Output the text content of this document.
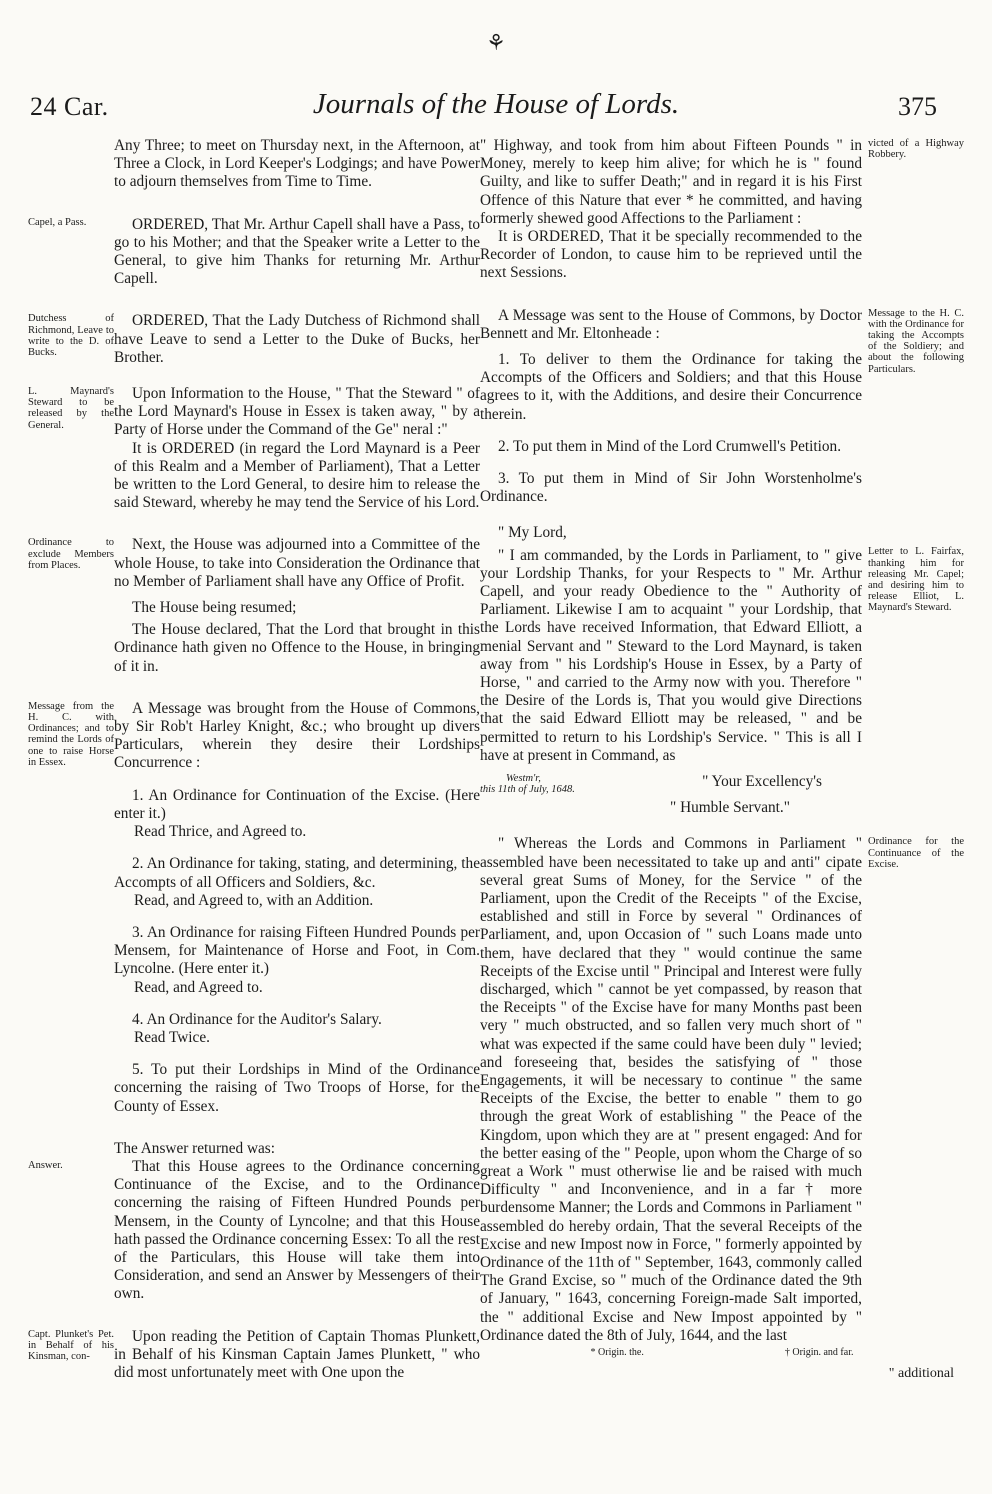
⚘
24 Car.	Journals of the House of Lords.	375

Any Three; to meet on Thursday next, in the Afternoon, at Three a Clock, in Lord Keeper's Lodgings; and have Power to adjourn themselves from Time to Time.

Capel, a Pass.	ORDERED, That Mr. Arthur Capell shall have a Pass, to go to his Mother; and that the Speaker write a Letter to the General, to give him Thanks for returning Mr. Arthur Capell.

Dutchess of Richmond, Leave to write to the D. of Bucks.

ORDERED, That the Lady Dutchess of Richmond shall have Leave to send a Letter to the Duke of Bucks, her Brother.

L. Maynard's Steward to be released by the General.

Upon Information to the House, " That the Steward " of the Lord Maynard's House in Essex is taken away, " by a Party of Horse under the Command of the Ge" neral :"

It is ORDERED (in regard the Lord Maynard is a Peer of this Realm and a Member of Parliament), That a Letter be written to the Lord General, to desire him to release the said Steward, whereby he may tend the Service of his Lord.

Ordinance to exclude Members from Places.

Next, the House was adjourned into a Committee of the whole House, to take into Consideration the Ordinance that no Member of Parliament shall have any Office of Profit.

The House being resumed;

The House declared, That the Lord that brought in this Ordinance hath given no Offence to the House, in bringing of it in.

Message from the H. C. with Ordinances; and to remind the Lords of one to raise Horse in Essex.

A Message was brought from the House of Commons, by Sir Rob't Harley Knight, &c.; who brought up divers Particulars, wherein they desire their Lordships Concurrence :

1. An Ordinance for Continuation of the Excise. (Here enter it.)

Read Thrice, and Agreed to.

2. An Ordinance for taking, stating, and determining, the Accompts of all Officers and Soldiers, &c.

Read, and Agreed to, with an Addition.

3. An Ordinance for raising Fifteen Hundred Pounds per Mensem, for Maintenance of Horse and Foot, in Com. Lyncolne. (Here enter it.)

Read, and Agreed to.

4. An Ordinance for the Auditor's Salary.

Read Twice.

5. To put their Lordships in Mind of the Ordinance concerning the raising of Two Troops of Horse, for the County of Essex.

Answer.

The Answer returned was:

That this House agrees to the Ordinance concerning Continuance of the Excise, and to the Ordinance concerning the raising of Fifteen Hundred Pounds per Mensem, in the County of Lyncolne; and that this House hath passed the Ordinance concerning Essex: To all the rest of the Particulars, this House will take them into Consideration, and send an Answer by Messengers of their own.

Capt. Plunket's Pet. in Behalf of his Kinsman, con-

Upon reading the Petition of Captain Thomas Plunkett, in Behalf of his Kinsman Captain James Plunkett, " who did most unfortunately meet with One upon the

" Highway, and took from him about Fifteen Pounds " in Money, merely to keep him alive; for which he is " found Guilty, and like to suffer Death;" and in regard it is his First Offence of this Nature that ever * he committed, and having formerly shewed good Affections to the Parliament :

It is ORDERED, That it be specially recommended to the Recorder of London, to cause him to be reprieved until the next Sessions.

victed of a Highway Robbery.

A Message was sent to the House of Commons, by Doctor Bennett and Mr. Eltonheade :

1. To deliver to them the Ordinance for taking the Accompts of the Officers and Soldiers; and that this House agrees to it, with the Additions, and desire their Concurrence therein.

2. To put them in Mind of the Lord Crumwell's Petition.

3. To put them in Mind of Sir John Worstenholme's Ordinance.

Message to the H. C. with the Ordinance for taking the Accompts of the Soldiery; and about the following Particulars.

" My Lord,

" I am commanded, by the Lords in Parliament, to " give your Lordship Thanks, for your Respects to " Mr. Arthur Capell, and your ready Obedience to the " Authority of Parliament. Likewise I am to acquaint " your Lordship, that the Lords have received Information, that Edward Elliott, a menial Servant and " Steward to the Lord Maynard, is taken away from " his Lordship's House in Essex, by a Party of Horse, " and carried to the Army now with you. Therefore " the Desire of the Lords is, That you would give Directions that the said Edward Elliott may be released, " and be permitted to return to his Lordship's Service. " This is all I have at present in Command, as

Westm'r,
this 11th of July, 1648.	" Your Excellency's

" Humble Servant."

Letter to L. Fairfax, thanking him for releasing Mr. Capel; and desiring him to release Elliot, L. Maynard's Steward.

" Whereas the Lords and Commons in Parliament " assembled have been necessitated to take up and anti" cipate several great Sums of Money, for the Service " of the Parliament, upon the Credit of the Receipts " of the Excise, established and still in Force by several " Ordinances of Parliament, and, upon Occasion of " such Loans made unto them, have declared that they " would continue the same Receipts of the Excise until " Principal and Interest were fully discharged, which " cannot be yet compassed, by reason that the Receipts " of the Excise have for many Months past been very " much obstructed, and so fallen very much short of " what was expected if the same could have been duly " levied; and foreseeing that, besides the satisfying of " those Engagements, it will be necessary to continue " the same Receipts of the Excise, the better to enable " them to go through the great Work of establishing " the Peace of the Kingdom, upon which they are at " present engaged: And for the better easing of the " People, upon whom the Charge of so great a Work " must otherwise lie and be raised with much Difficulty " and Inconvenience, and in a far † more burdensome Manner; the Lords and Commons in Parliament " assembled do hereby ordain, That the several Receipts of the Excise and new Impost now in Force, " formerly appointed by Ordinance of the 11th of " September, 1643, commonly called The Grand Excise, so " much of the Ordinance dated the 9th of January, " 1643, concerning Foreign-made Salt imported, the " additional Excise and New Impost appointed by " Ordinance dated the 8th of July, 1644, and the last

Ordinance for the Continuance of the Excise.
* Origin. the.	† Origin. and far.
" additional
